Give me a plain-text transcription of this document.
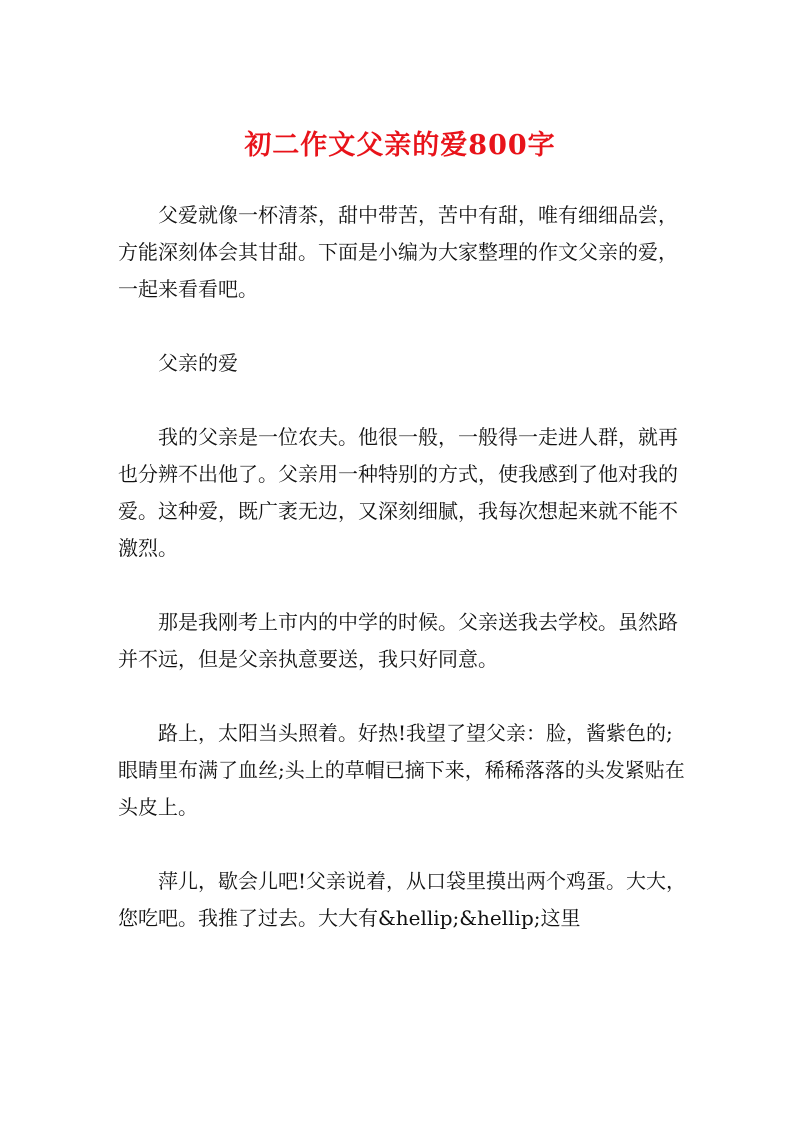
初二作文父亲的爱800字

父爱就像一杯清茶，甜中带苦，苦中有甜，唯有细细品尝，方能深刻体会其甘甜。下面是小编为大家整理的作文父亲的爱，一起来看看吧。

父亲的爱

我的父亲是一位农夫。他很一般，一般得一走进人群，就再也分辨不出他了。父亲用一种特别的方式，使我感到了他对我的爱。这种爱，既广袤无边，又深刻细腻，我每次想起来就不能不激烈。

那是我刚考上市内的中学的时候。父亲送我去学校。虽然路并不远，但是父亲执意要送，我只好同意。

路上，太阳当头照着。好热!我望了望父亲：脸，酱紫色的;眼睛里布满了血丝;头上的草帽已摘下来，稀稀落落的头发紧贴在头皮上。

萍儿，歇会儿吧!父亲说着，从口袋里摸出两个鸡蛋。大大，您吃吧。我推了过去。大大有&hellip;&hellip;这里
